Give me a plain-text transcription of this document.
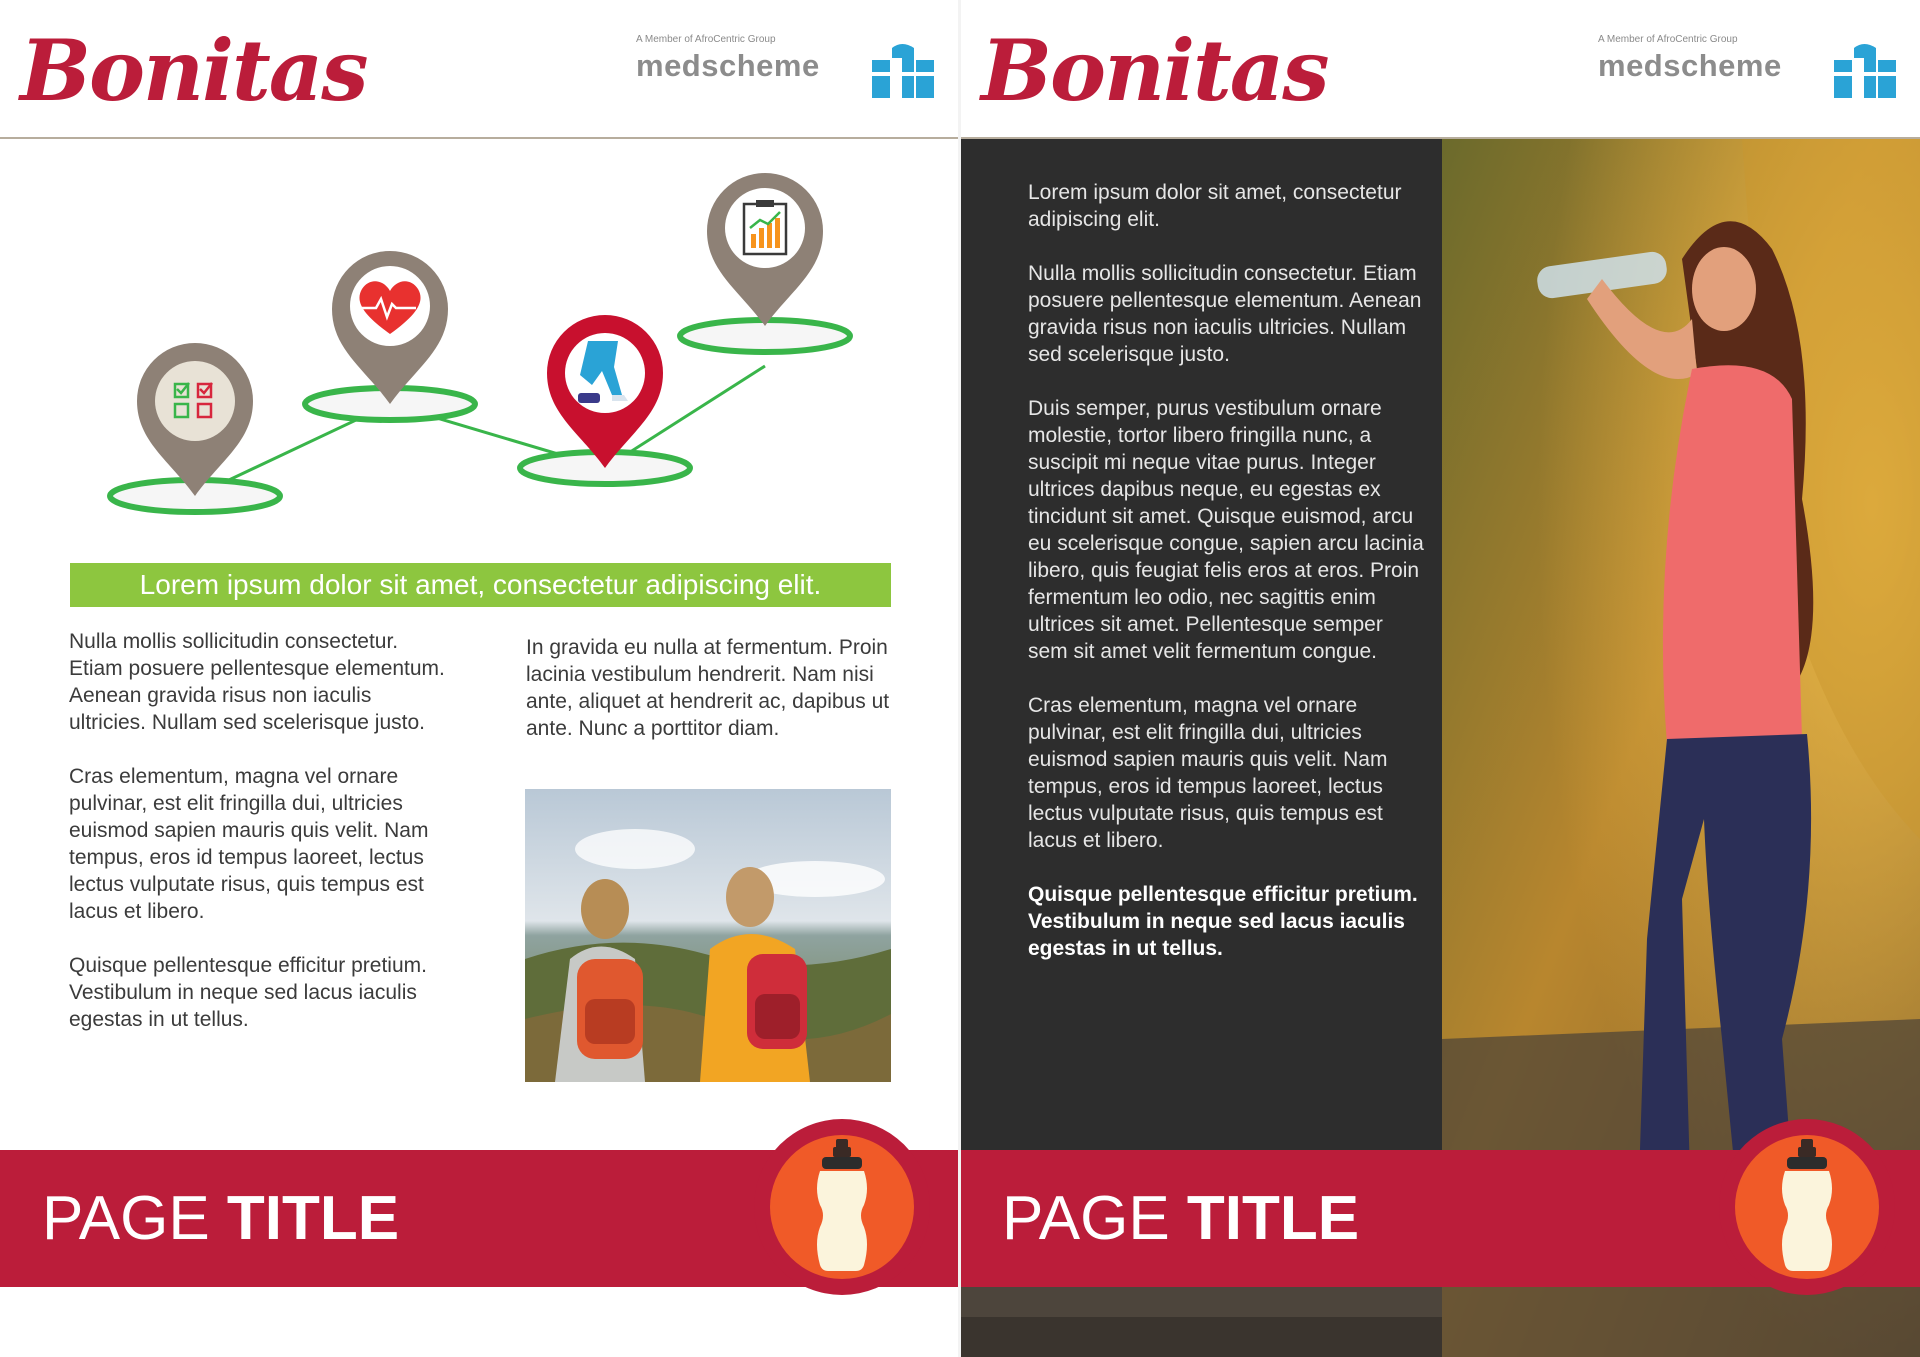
Bonitas	A Member of AfroCentric Group
medscheme
Lorem ipsum dolor sit amet, consectetur adipiscing elit.

Nulla mollis sollicitudin consectetur. Etiam posuere pellentesque elementum. Aenean gravida risus non iaculis ultricies. Nullam sed scelerisque justo.

Cras elementum, magna vel ornare pulvinar, est elit fringilla dui, ultricies euismod sapien mauris quis velit. Nam tempus, eros id tempus laoreet, lectus lectus vulputate risus, quis tempus est lacus et libero.

Quisque pellentesque efficitur pretium. Vestibulum in neque sed lacus iaculis egestas in ut tellus.

In gravida eu nulla at fermentum. Proin lacinia vestibulum hendrerit. Nam nisi ante, aliquet at hendrerit ac, dapibus ut ante. Nunc a porttitor diam.

PAGE TITLE
Bonitas	A Member of AfroCentric Group
medscheme

Lorem ipsum dolor sit amet, consectetur adipiscing elit.

Nulla mollis sollicitudin consectetur. Etiam posuere pellentesque elementum. Aenean gravida risus non iaculis ultricies. Nullam sed scelerisque justo.

Duis semper, purus vestibulum ornare molestie, tortor libero fringilla nunc, a suscipit mi neque vitae purus. Integer ultrices dapibus neque, eu egestas ex tincidunt sit amet. Quisque euismod, arcu eu scelerisque congue, sapien arcu lacinia libero, quis feugiat felis eros at eros. Proin fermentum leo odio, nec sagittis enim ultrices sit amet. Pellentesque semper sem sit amet velit fermentum congue.

Cras elementum, magna vel ornare pulvinar, est elit fringilla dui, ultricies euismod sapien mauris quis velit. Nam tempus, eros id tempus laoreet, lectus lectus vulputate risus, quis tempus est lacus et libero.

Quisque pellentesque efficitur pretium. Vestibulum in neque sed lacus iaculis egestas in ut tellus.

PAGE TITLE
